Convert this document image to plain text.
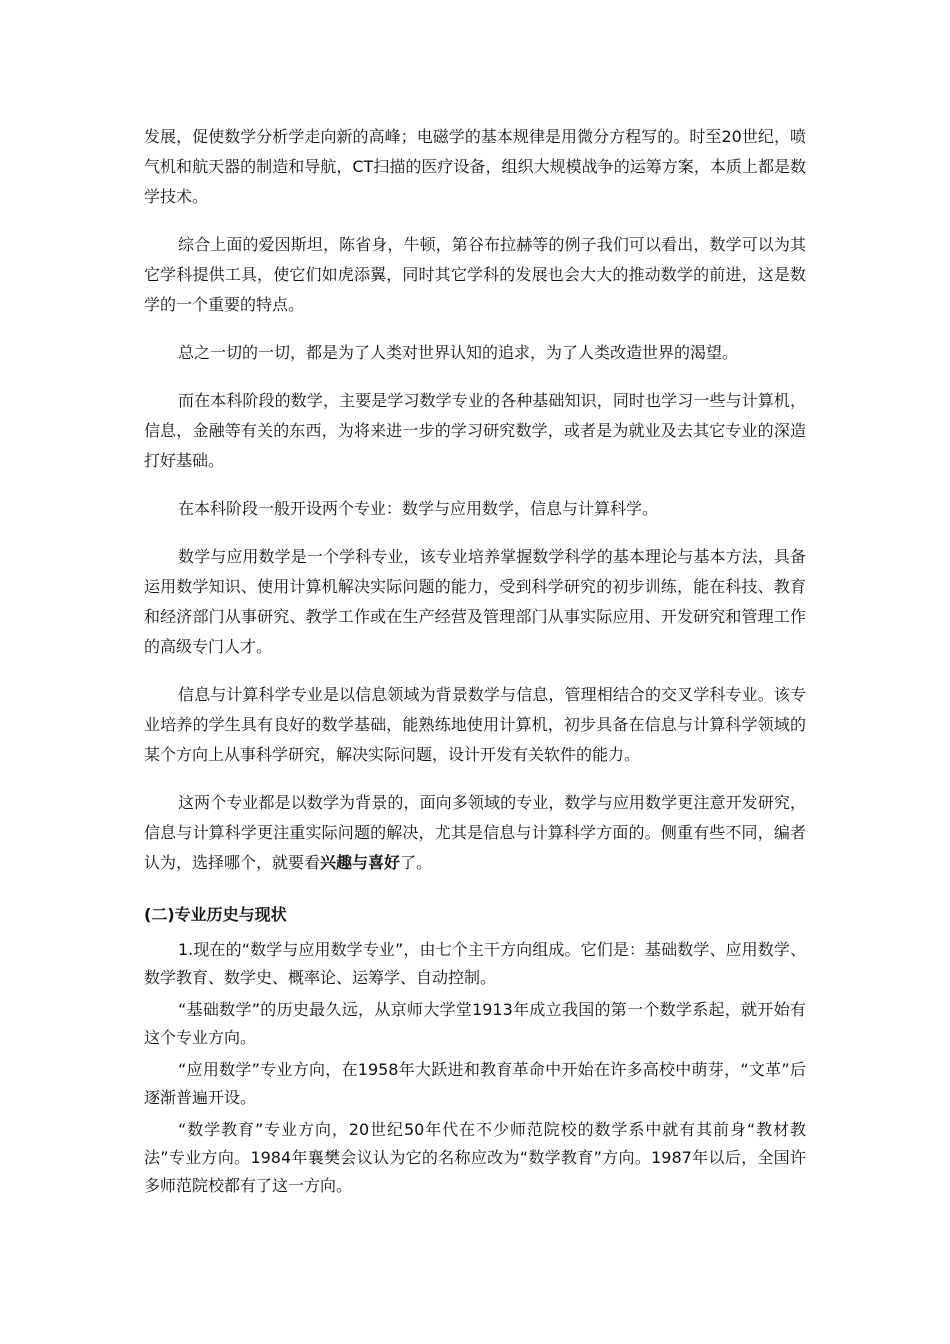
发展，促使数学分析学走向新的高峰；电磁学的基本规律是用微分方程写的。时至20世纪，喷气机和航天器的制造和导航，CT扫描的医疗设备，组织大规模战争的运筹方案，本质上都是数学技术。

综合上面的爱因斯坦，陈省身，牛顿，第谷布拉赫等的例子我们可以看出，数学可以为其它学科提供工具，使它们如虎添翼，同时其它学科的发展也会大大的推动数学的前进，这是数学的一个重要的特点。

总之一切的一切，都是为了人类对世界认知的追求，为了人类改造世界的渴望。

而在本科阶段的数学，主要是学习数学专业的各种基础知识，同时也学习一些与计算机，信息，金融等有关的东西，为将来进一步的学习研究数学，或者是为就业及去其它专业的深造打好基础。

在本科阶段一般开设两个专业：数学与应用数学，信息与计算科学。

数学与应用数学是一个学科专业，该专业培养掌握数学科学的基本理论与基本方法，具备运用数学知识、使用计算机解决实际问题的能力，受到科学研究的初步训练，能在科技、教育和经济部门从事研究、教学工作或在生产经营及管理部门从事实际应用、开发研究和管理工作的高级专门人才。

信息与计算科学专业是以信息领域为背景数学与信息，管理相结合的交叉学科专业。该专业培养的学生具有良好的数学基础，能熟练地使用计算机，初步具备在信息与计算科学领域的某个方向上从事科学研究，解决实际问题，设计开发有关软件的能力。

这两个专业都是以数学为背景的，面向多领域的专业，数学与应用数学更注意开发研究，信息与计算科学更注重实际问题的解决，尤其是信息与计算科学方面的。侧重有些不同，编者认为，选择哪个，就要看兴趣与喜好了。

(二)专业历史与现状

1.现在的“数学与应用数学专业”，由七个主干方向组成。它们是：基础数学、应用数学、数学教育、数学史、概率论、运筹学、自动控制。

“基础数学”的历史最久远，从京师大学堂1913年成立我国的第一个数学系起，就开始有这个专业方向。

“应用数学”专业方向，在1958年大跃进和教育革命中开始在许多高校中萌芽，“文革”后逐渐普遍开设。

“数学教育”专业方向，20世纪50年代在不少师范院校的数学系中就有其前身“教材教法”专业方向。1984年襄樊会议认为它的名称应改为“数学教育”方向。1987年以后，全国许多师范院校都有了这一方向。
